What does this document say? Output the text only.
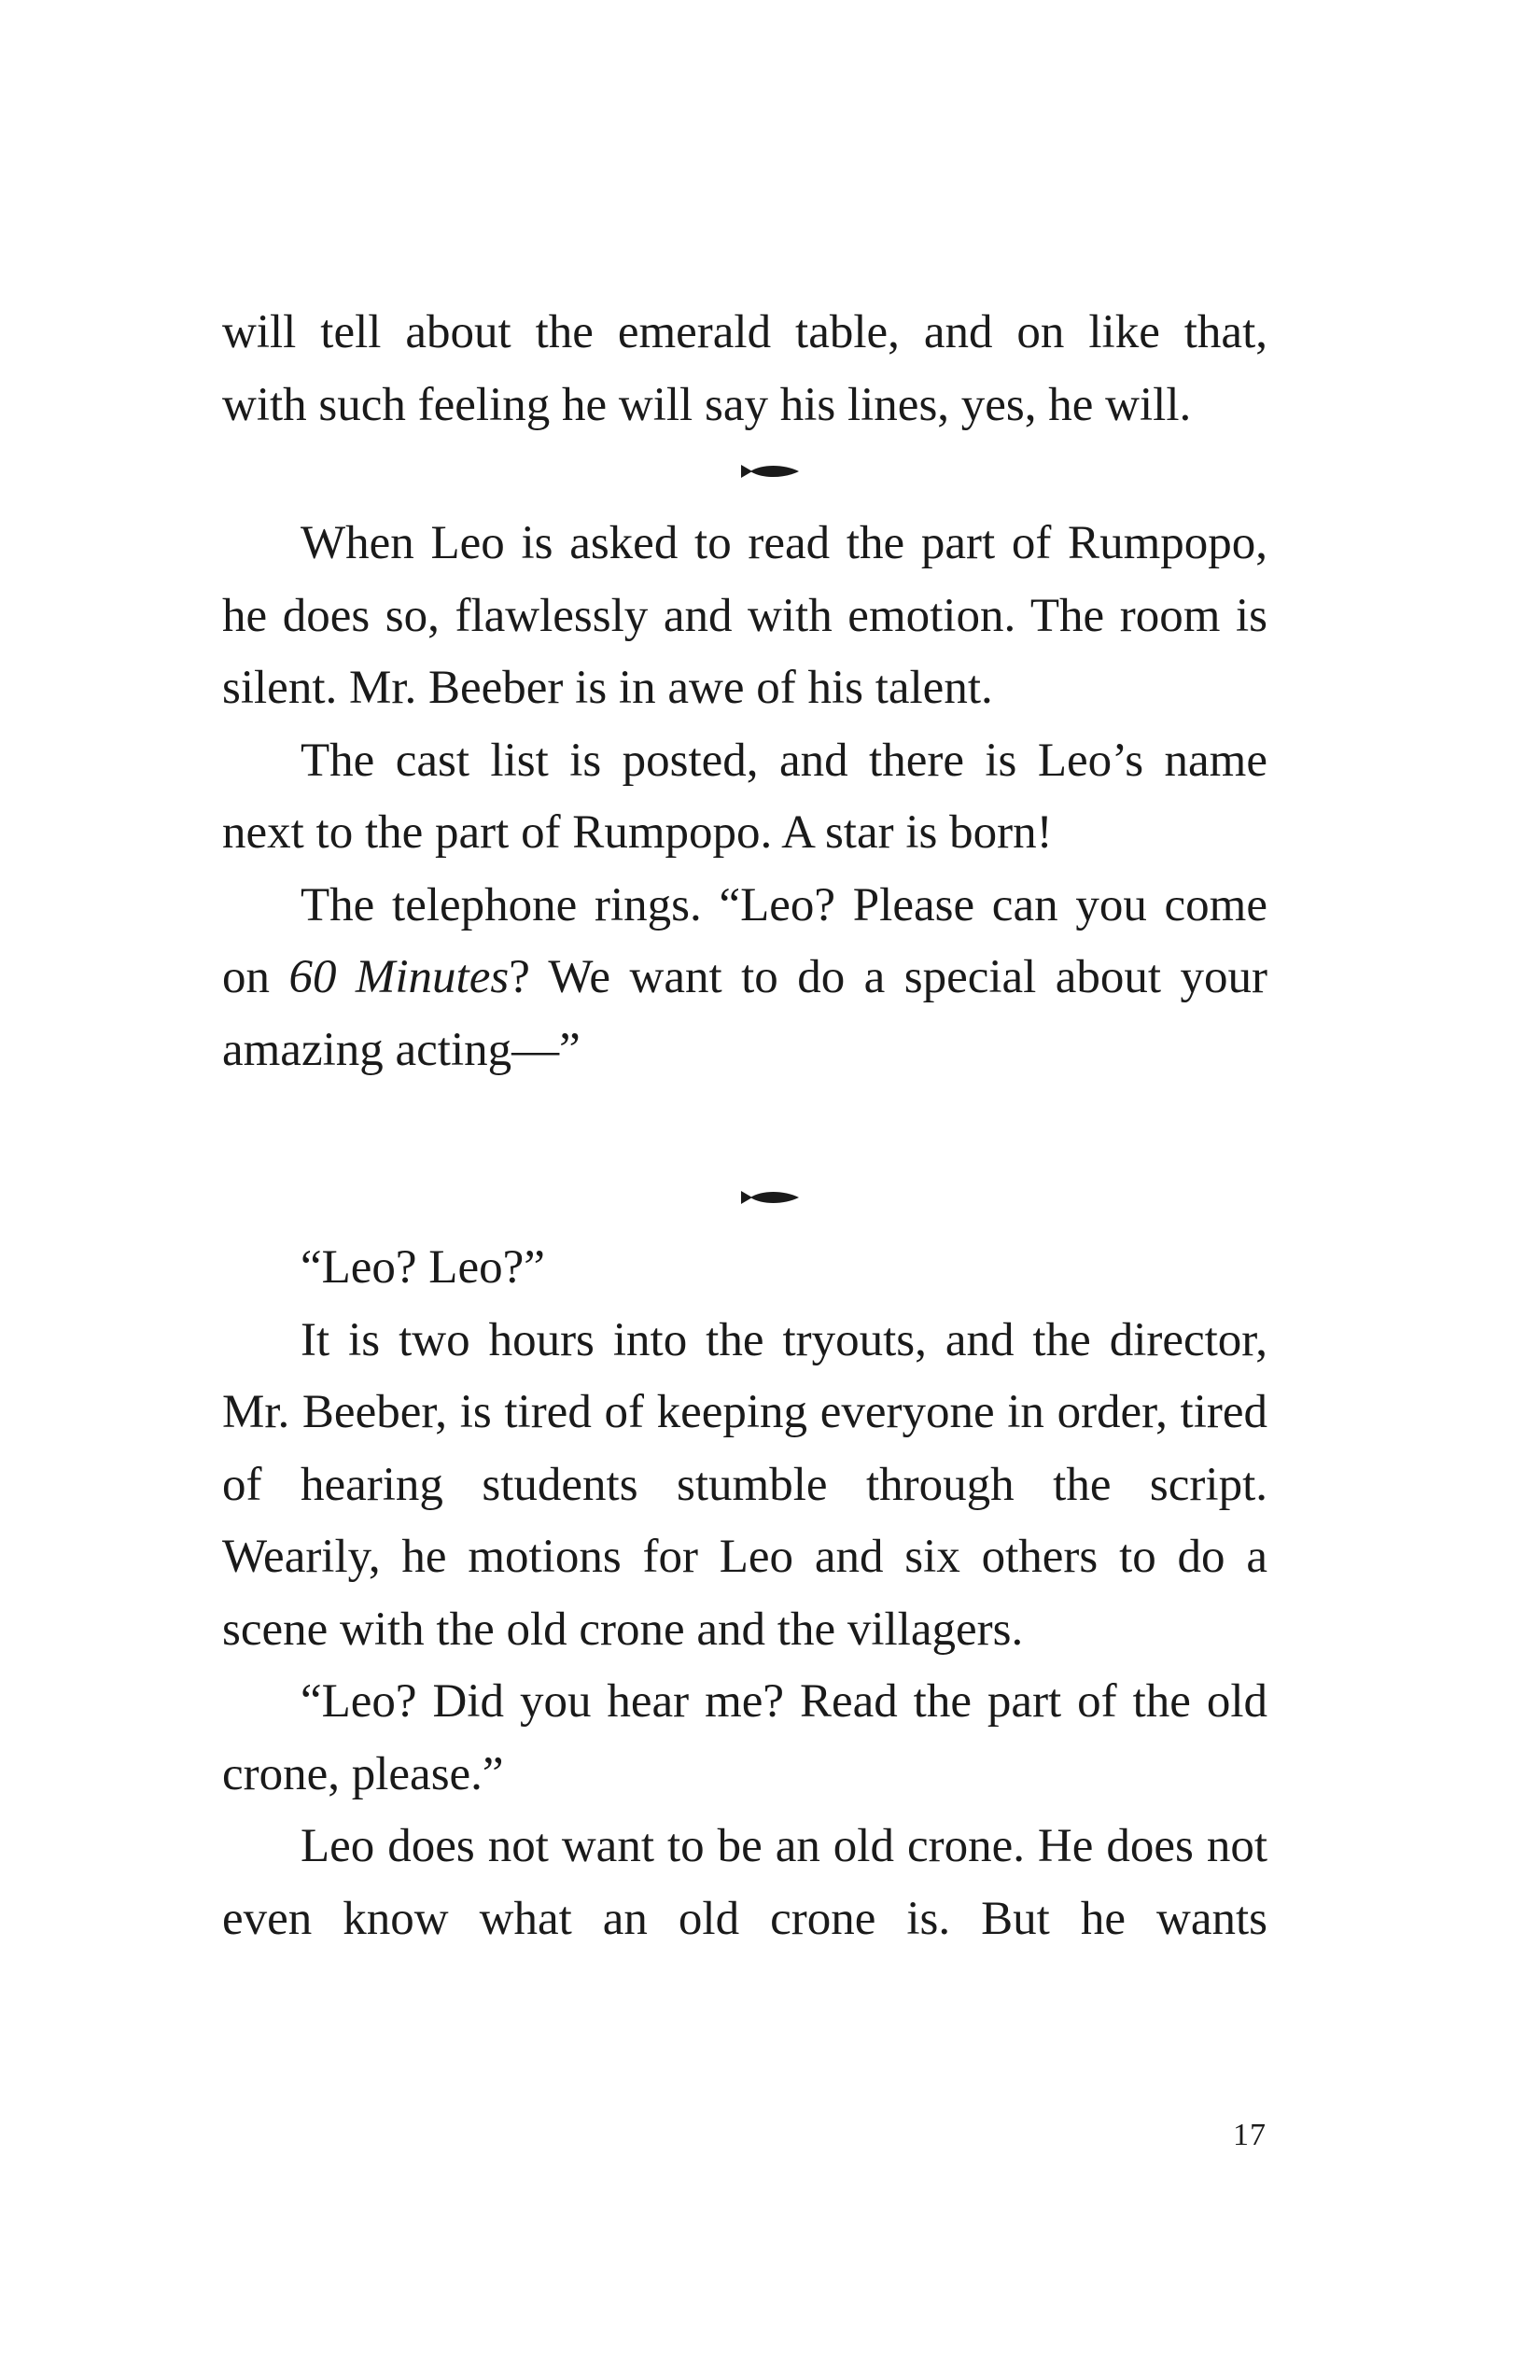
will tell about the emerald table, and on like that,

with such feeling he will say his lines, yes, he will.

When Leo is asked to read the part of Rumpopo, he does so, flawlessly and with emotion. The room is silent. Mr. Beeber is in awe of his talent.

The cast list is posted, and there is Leo’s name next to the part of Rumpopo. A star is born!

The telephone rings. “Leo? Please can you come on 60 Minutes? We want to do a special about your amazing acting—”

“Leo? Leo?”

It is two hours into the tryouts, and the director, Mr. Beeber, is tired of keeping everyone in order, tired of hearing students stumble through the script. Wearily, he motions for Leo and six others to do a scene with the old crone and the villagers.

“Leo? Did you hear me? Read the part of the old crone, please.”

Leo does not want to be an old crone. He does not even know what an old crone is. But he wants

17
